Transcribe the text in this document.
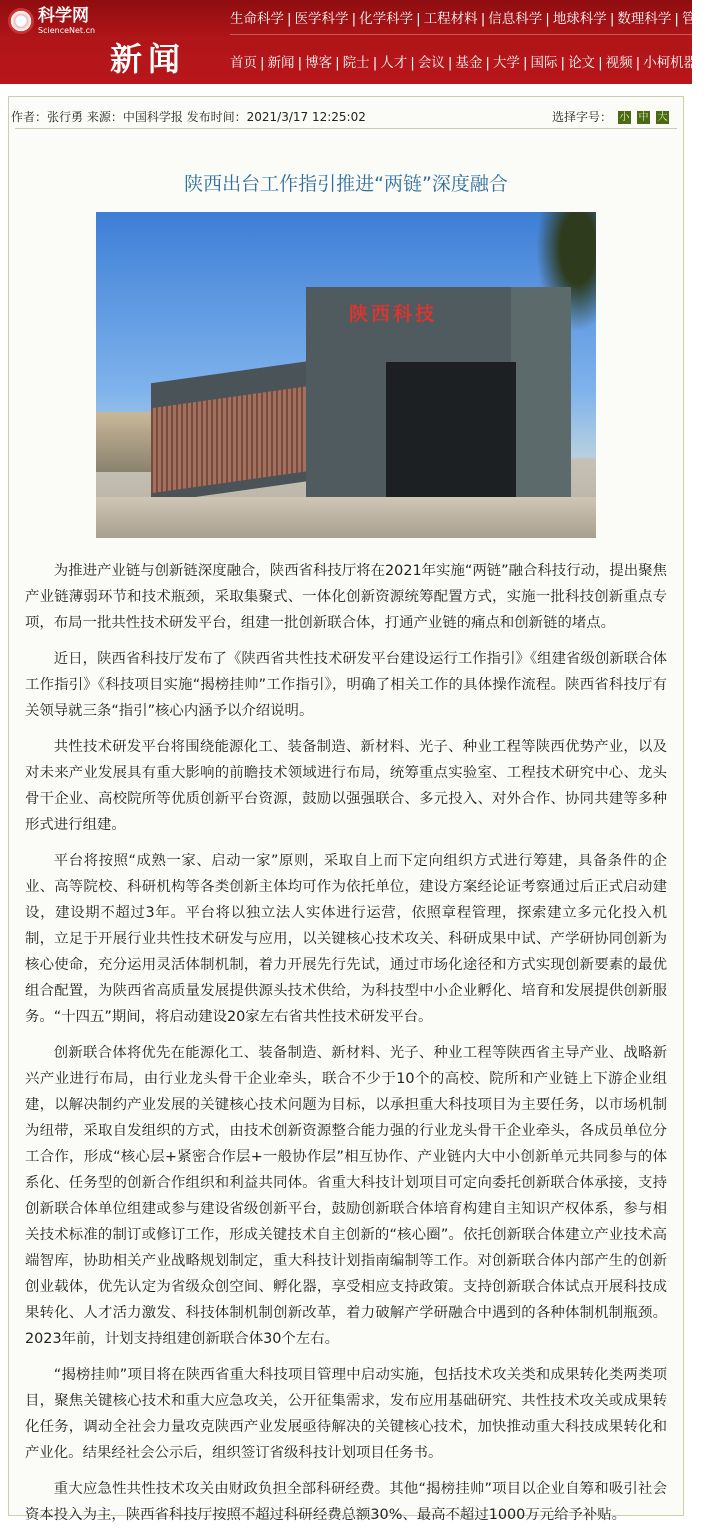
科学网
ScienceNet.cn
新闻
生命科学 | 医学科学 | 化学科学 | 工程材料 | 信息科学 | 地球科学 | 数理科学 | 管理
首页 | 新闻 | 博客 | 院士 | 人才 | 会议 | 基金 | 大学 | 国际 | 论文 | 视频 | 小柯机器人
作者：张行勇 来源：中国科学报 发布时间：2021/3/17 12:25:02	选择字号： 小 中 大
陕西出台工作指引推进“两链”深度融合
陕西科技

为推进产业链与创新链深度融合，陕西省科技厅将在2021年实施“两链”融合科技行动，提出聚焦产业链薄弱环节和技术瓶颈，采取集聚式、一体化创新资源统筹配置方式，实施一批科技创新重点专项，布局一批共性技术研发平台，组建一批创新联合体，打通产业链的痛点和创新链的堵点。

近日，陕西省科技厅发布了《陕西省共性技术研发平台建设运行工作指引》《组建省级创新联合体工作指引》《科技项目实施“揭榜挂帅”工作指引》，明确了相关工作的具体操作流程。陕西省科技厅有关领导就三条“指引”核心内涵予以介绍说明。

共性技术研发平台将围绕能源化工、装备制造、新材料、光子、种业工程等陕西优势产业，以及对未来产业发展具有重大影响的前瞻技术领域进行布局，统筹重点实验室、工程技术研究中心、龙头骨干企业、高校院所等优质创新平台资源，鼓励以强强联合、多元投入、对外合作、协同共建等多种形式进行组建。

平台将按照“成熟一家、启动一家”原则，采取自上而下定向组织方式进行筹建，具备条件的企业、高等院校、科研机构等各类创新主体均可作为依托单位，建设方案经论证考察通过后正式启动建设，建设期不超过3年。平台将以独立法人实体进行运营，依照章程管理，探索建立多元化投入机制，立足于开展行业共性技术研发与应用，以关键核心技术攻关、科研成果中试、产学研协同创新为核心使命，充分运用灵活体制机制，着力开展先行先试，通过市场化途径和方式实现创新要素的最优组合配置，为陕西省高质量发展提供源头技术供给，为科技型中小企业孵化、培育和发展提供创新服务。“十四五”期间，将启动建设20家左右省共性技术研发平台。

创新联合体将优先在能源化工、装备制造、新材料、光子、种业工程等陕西省主导产业、战略新兴产业进行布局，由行业龙头骨干企业牵头，联合不少于10个的高校、院所和产业链上下游企业组建，以解决制约产业发展的关键核心技术问题为目标，以承担重大科技项目为主要任务，以市场机制为纽带，采取自发组织的方式，由技术创新资源整合能力强的行业龙头骨干企业牵头，各成员单位分工合作，形成“核心层+紧密合作层+一般协作层”相互协作、产业链内大中小创新单元共同参与的体系化、任务型的创新合作组织和利益共同体。省重大科技计划项目可定向委托创新联合体承接，支持创新联合体单位组建或参与建设省级创新平台，鼓励创新联合体培育构建自主知识产权体系，参与相关技术标准的制订或修订工作，形成关键技术自主创新的“核心圈”。依托创新联合体建立产业技术高端智库，协助相关产业战略规划制定，重大科技计划指南编制等工作。对创新联合体内部产生的创新创业载体，优先认定为省级众创空间、孵化器，享受相应支持政策。支持创新联合体试点开展科技成果转化、人才活力激发、科技体制机制创新改革，着力破解产学研融合中遇到的各种体制机制瓶颈。2023年前，计划支持组建创新联合体30个左右。

“揭榜挂帅”项目将在陕西省重大科技项目管理中启动实施，包括技术攻关类和成果转化类两类项目，聚焦关键核心技术和重大应急攻关，公开征集需求，发布应用基础研究、共性技术攻关或成果转化任务，调动全社会力量攻克陕西产业发展亟待解决的关键核心技术，加快推动重大科技成果转化和产业化。结果经社会公示后，组织签订省级科技计划项目任务书。

重大应急性共性技术攻关由财政负担全部科研经费。其他“揭榜挂帅”项目以企业自筹和吸引社会资本投入为主，陕西省科技厅按照不超过科研经费总额30%、最高不超过1000万元给予补贴。
